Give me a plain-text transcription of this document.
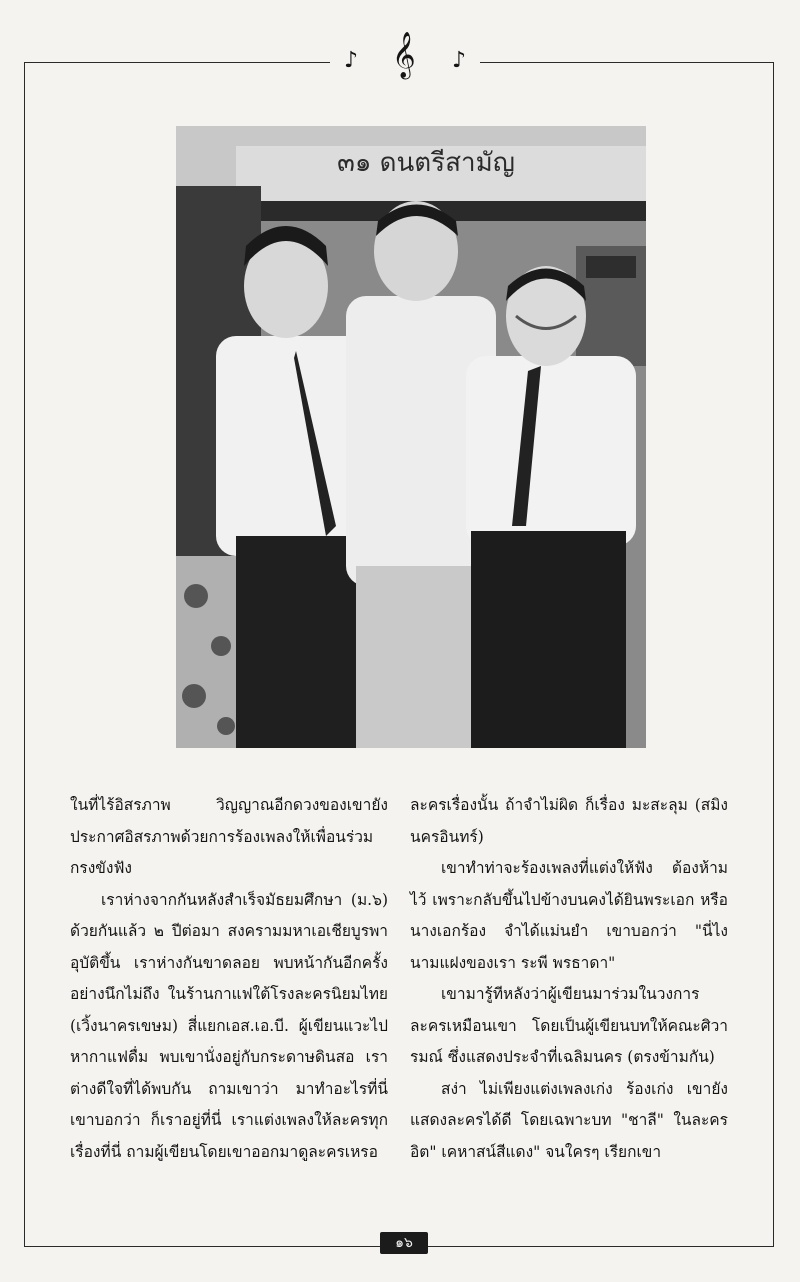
♪ 𝄞 ♪
๓๑ ดนตรีสามัญ

ในที่ไร้อิสรภาพ วิญญาณอีกดวงของเขายังประกาศอิสรภาพด้วยการร้องเพลงให้เพื่อนร่วมกรงขังฟัง

เราห่างจากกันหลังสำเร็จมัธยมศึกษา (ม.๖) ด้วยกันแล้ว ๒ ปีต่อมา สงครามมหาเอเชียบูรพาอุบัติขึ้น เราห่างกันขาดลอย พบหน้ากันอีกครั้งอย่างนึกไม่ถึง ในร้านกาแฟใต้โรงละครนิยมไทย (เวิ้งนาครเขษม) สี่แยกเอส.เอ.บี. ผู้เขียนแวะไปหากาแฟดื่ม พบเขานั่งอยู่กับกระดาษดินสอ เราต่างดีใจที่ได้พบกัน ถามเขาว่า มาทำอะไรที่นี่ เขาบอกว่า ก็เราอยู่ที่นี่ เราแต่งเพลงให้ละครทุกเรื่องที่นี่ ถามผู้เขียนโดยเขาออกมาดูละครเหรอ

ละครเรื่องนั้น ถ้าจำไม่ผิด ก็เรื่อง มะสะลุม (สมิงนครอินทร์)

เขาทำท่าจะร้องเพลงที่แต่งให้ฟัง ต้องห้ามไว้ เพราะกลับขึ้นไปข้างบนคงได้ยินพระเอก หรือนางเอกร้อง จำได้แม่นยำ เขาบอกว่า "นี่ไงนามแฝงของเรา ระพี พรธาดา"

เขามารู้ทีหลังว่าผู้เขียนมาร่วมในวงการละครเหมือนเขา โดยเป็นผู้เขียนบทให้คณะศิวารมณ์ ซึ่งแสดงประจำที่เฉลิมนคร (ตรงข้ามกัน)

สง่า ไม่เพียงแต่งเพลงเก่ง ร้องเก่ง เขายังแสดงละครได้ดี โดยเฉพาะบท "ชาลี" ในละครอิต" เคหาสน์สีแดง" จนใครๆ เรียกเขา

๑๖
